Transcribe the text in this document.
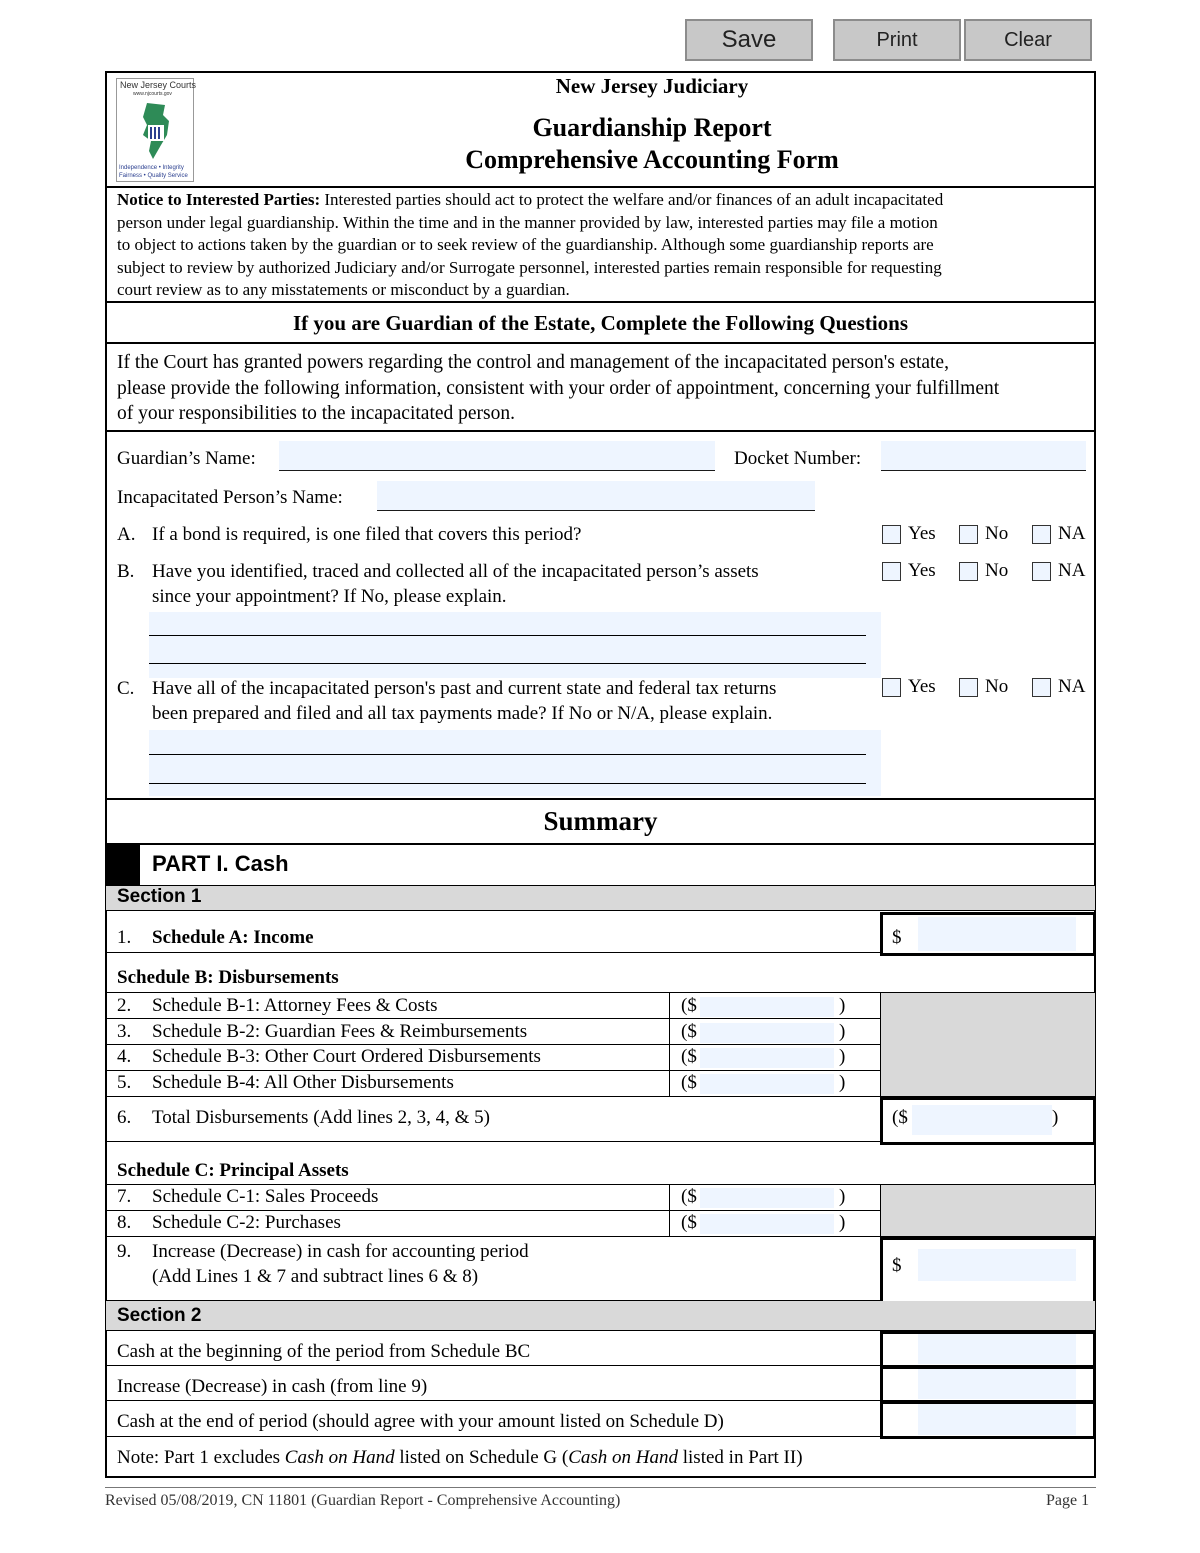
Save	Print	Clear
New Jersey Courts
www.njcourts.gov
Independence • Integrity
Fairness • Quality Service
New Jersey Judiciary
Guardianship Report
Comprehensive Accounting Form
Notice to Interested Parties: Interested parties should act to protect the welfare and/or finances of an adult incapacitated
person under legal guardianship. Within the time and in the manner provided by law, interested parties may file a motion
to object to actions taken by the guardian or to seek review of the guardianship. Although some guardianship reports are
subject to review by authorized Judiciary and/or Surrogate personnel, interested parties remain responsible for requesting
court review as to any misstatements or misconduct by a guardian.
If you are Guardian of the Estate, Complete the Following Questions
If the Court has granted powers regarding the control and management of the incapacitated person's estate,
please provide the following information, consistent with your order of appointment, concerning your fulfillment
of your responsibilities to the incapacitated person.
Guardian’s Name:	Docket Number:
Incapacitated Person’s Name:
A. If a bond is required, is one filed that covers this period?	Yes	No	NA
B. Have you identified, traced and collected all of the incapacitated person’s assets
since your appointment? If No, please explain.
Yes	No	NA
C. Have all of the incapacitated person's past and current state and federal tax returns
been prepared and filed and all tax payments made? If No or N/A, please explain.
Yes	No	NA
Summary
PART I. Cash
Section 1
1. Schedule A: Income	$
Schedule B: Disbursements
2. Schedule B-1: Attorney Fees & Costs	($	)
3. Schedule B-2: Guardian Fees & Reimbursements	($	)
4. Schedule B-3: Other Court Ordered Disbursements	($	)
5. Schedule B-4: All Other Disbursements	($	)
6. Total Disbursements (Add lines 2, 3, 4, & 5)	($	)
Schedule C: Principal Assets
7. Schedule C-1: Sales Proceeds	($	)
8. Schedule C-2: Purchases	($	)
9. Increase (Decrease) in cash for accounting period
(Add Lines 1 & 7 and subtract lines 6 & 8)
$
Section 2
Cash at the beginning of the period from Schedule BC
Increase (Decrease) in cash (from line 9)
Cash at the end of period (should agree with your amount listed on Schedule D)
Note: Part 1 excludes Cash on Hand listed on Schedule G (Cash on Hand listed in Part II)
Revised 05/08/2019, CN 11801 (Guardian Report - Comprehensive Accounting)	Page 1
